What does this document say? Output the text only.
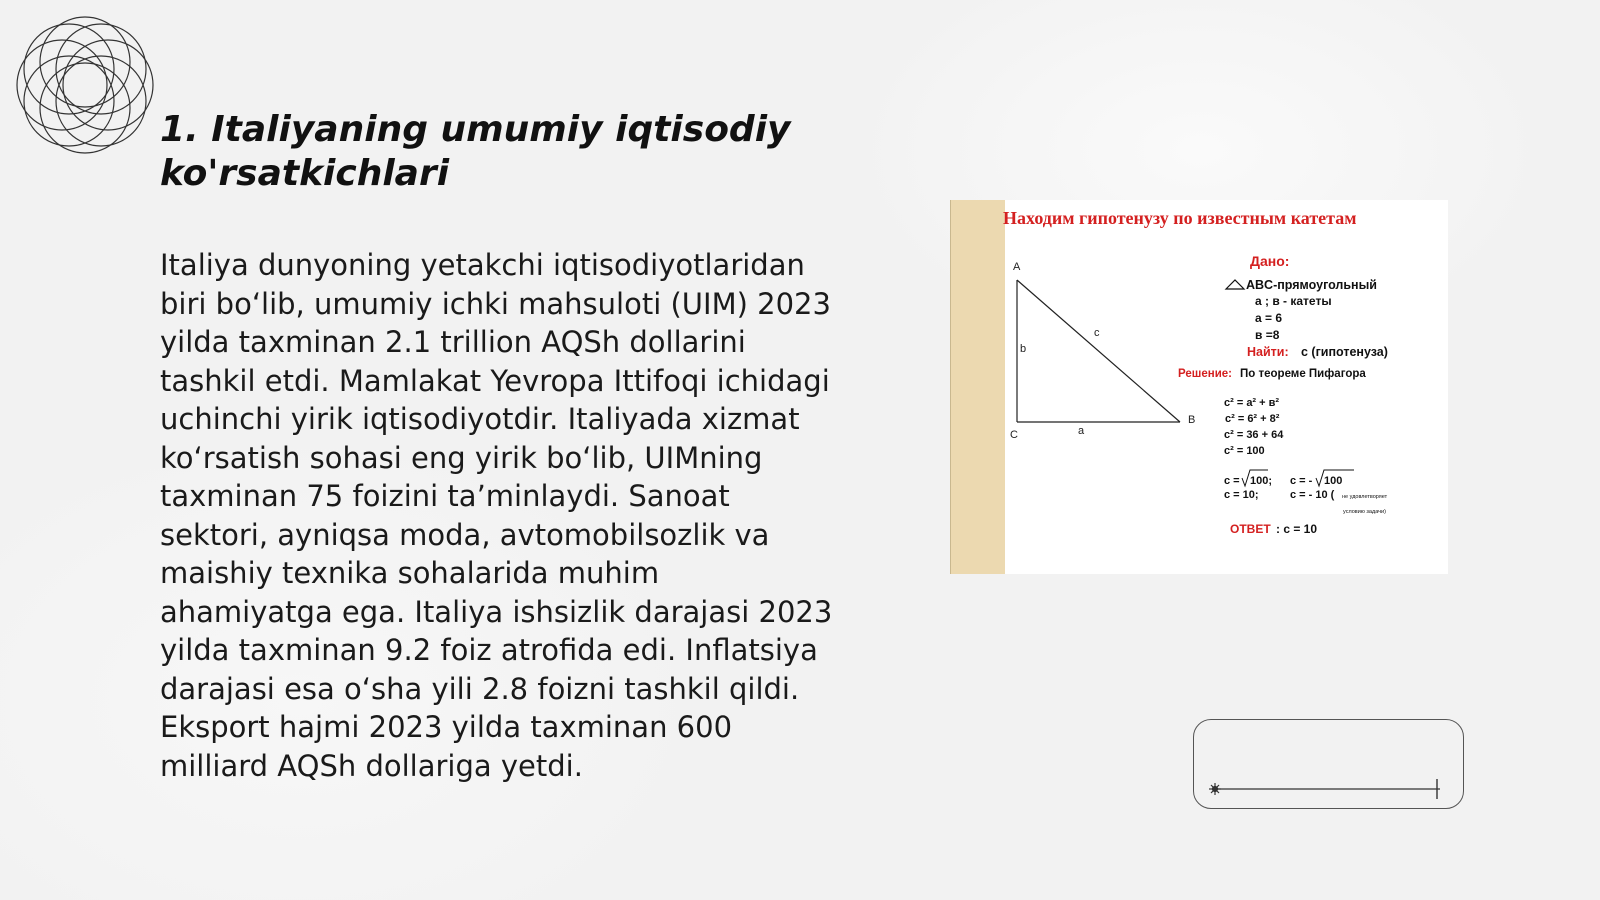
1. Italiyaning umumiy iqtisodiy ko'rsatkichlari

Italiya dunyoning yetakchi iqtisodiyotlaridan biri bo‘lib, umumiy ichki mahsuloti (UIM) 2023 yilda taxminan 2.1 trillion AQSh dollarini tashkil etdi. Mamlakat Yevropa Ittifoqi ichidagi uchinchi yirik iqtisodiyotdir. Italiyada xizmat ko‘rsatish sohasi eng yirik bo‘lib, UIMning taxminan 75 foizini ta’minlaydi. Sanoat sektori, ayniqsa moda, avtomobilsozlik va maishiy texnika sohalarida muhim ahamiyatga ega. Italiya ishsizlik darajasi 2023 yilda taxminan 9.2 foiz atrofida edi. Inflatsiya darajasi esa o‘sha yili 2.8 foizni tashkil qildi. Eksport hajmi 2023 yilda taxminan 600 milliard AQSh dollariga yetdi.

Находим гипотенузу по известным катетам
A
B
C
c
b
a
Дано:
ABC-прямоугольный
а ; в - катеты
а = 6
в =8
Найти: с (гипотенуза)
Решение: По теореме Пифагора
c² = a² + в²
c² = 6² + 8²
c² = 36 + 64
c² = 100
c = 100; c = - 100
c = 10;	c = - 10 ( не удовлетворяет
условию задачи)
ОТВЕТ : c = 10
